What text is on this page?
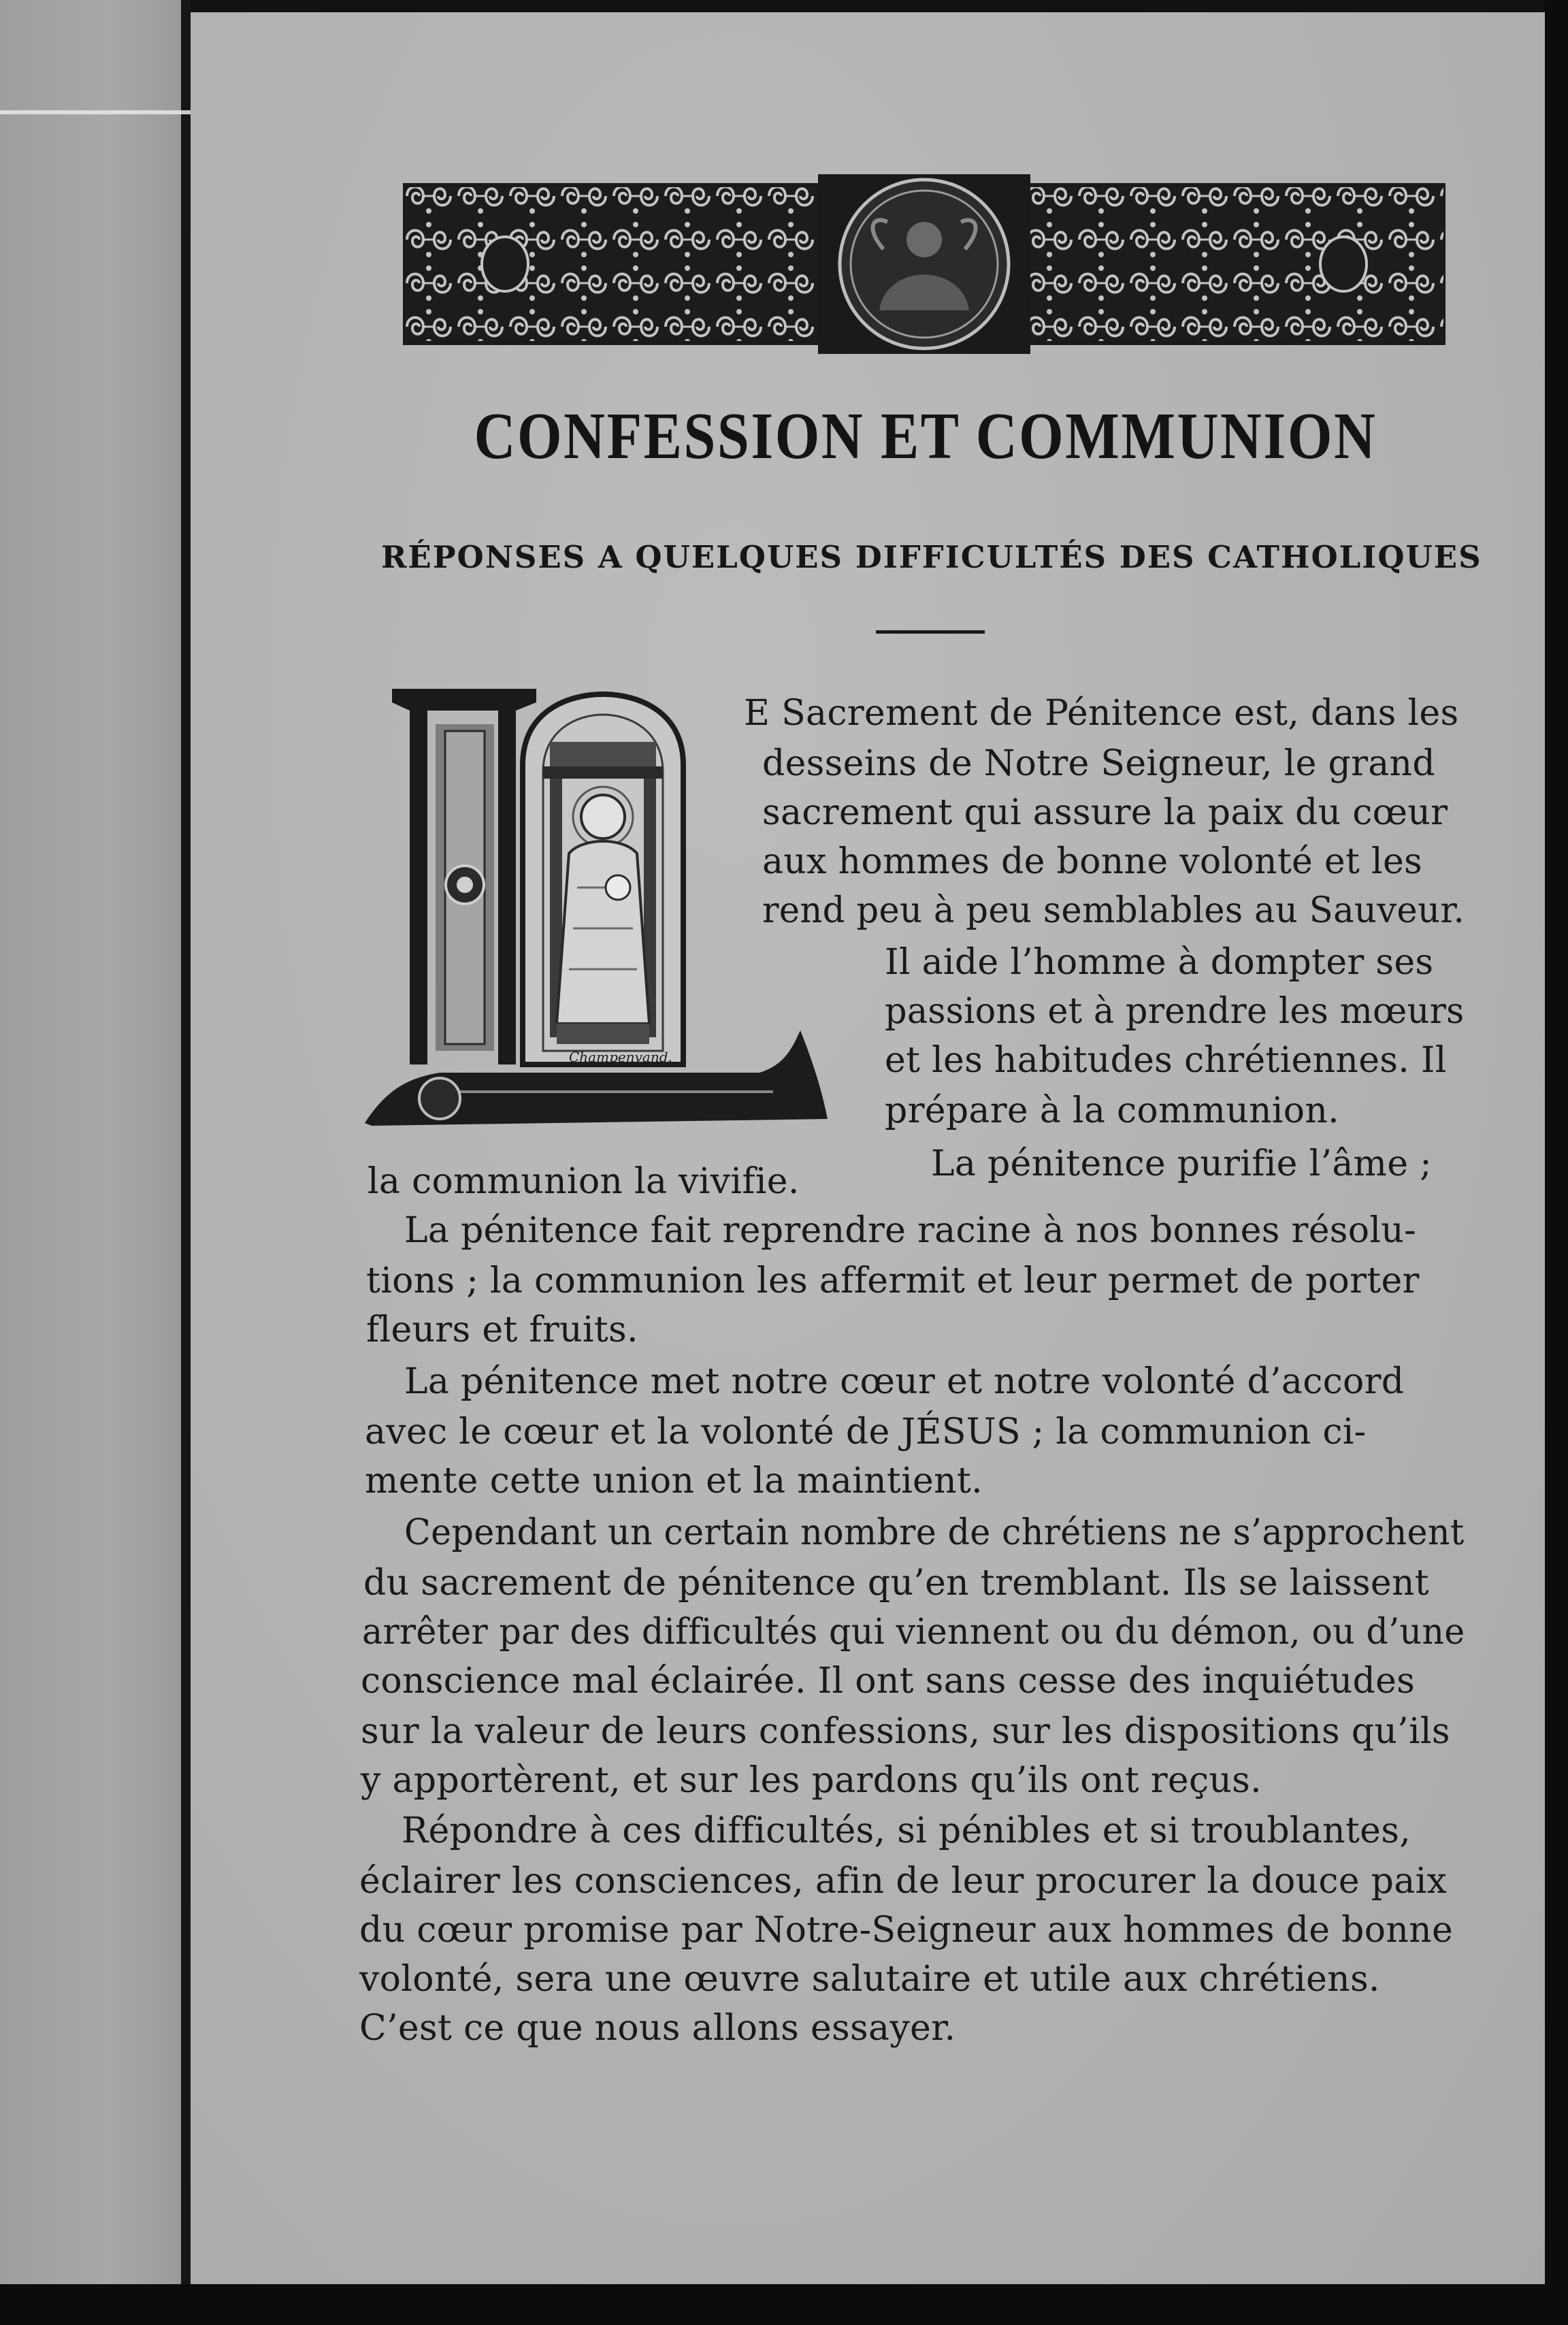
CONFESSION ET COMMUNION
RÉPONSES A QUELQUES DIFFICULTÉS DES CATHOLIQUES
Champenvand.
E Sacrement de Pénitence est, dans les
desseins de Notre Seigneur, le grand
sacrement qui assure la paix du cœur
aux hommes de bonne volonté et les
rend peu à peu semblables au Sauveur.
Il aide l’homme à dompter ses
passions et à prendre les mœurs
et les habitudes chrétiennes. Il
prépare à la communion.
La pénitence purifie l’âme ;
la communion la vivifie.
La pénitence fait reprendre racine à nos bonnes résolu-
tions ; la communion les affermit et leur permet de porter
fleurs et fruits.
La pénitence met notre cœur et notre volonté d’accord
avec le cœur et la volonté de JÉSUS ; la communion ci-
mente cette union et la maintient.
Cependant un certain nombre de chrétiens ne s’approchent
du sacrement de pénitence qu’en tremblant. Ils se laissent
arrêter par des difficultés qui viennent ou du démon, ou d’une
conscience mal éclairée. Il ont sans cesse des inquiétudes
sur la valeur de leurs confessions, sur les dispositions qu’ils
y apportèrent, et sur les pardons qu’ils ont reçus.
Répondre à ces difficultés, si pénibles et si troublantes,
éclairer les consciences, afin de leur procurer la douce paix
du cœur promise par Notre-Seigneur aux hommes de bonne
volonté, sera une œuvre salutaire et utile aux chrétiens.
C’est ce que nous allons essayer.
